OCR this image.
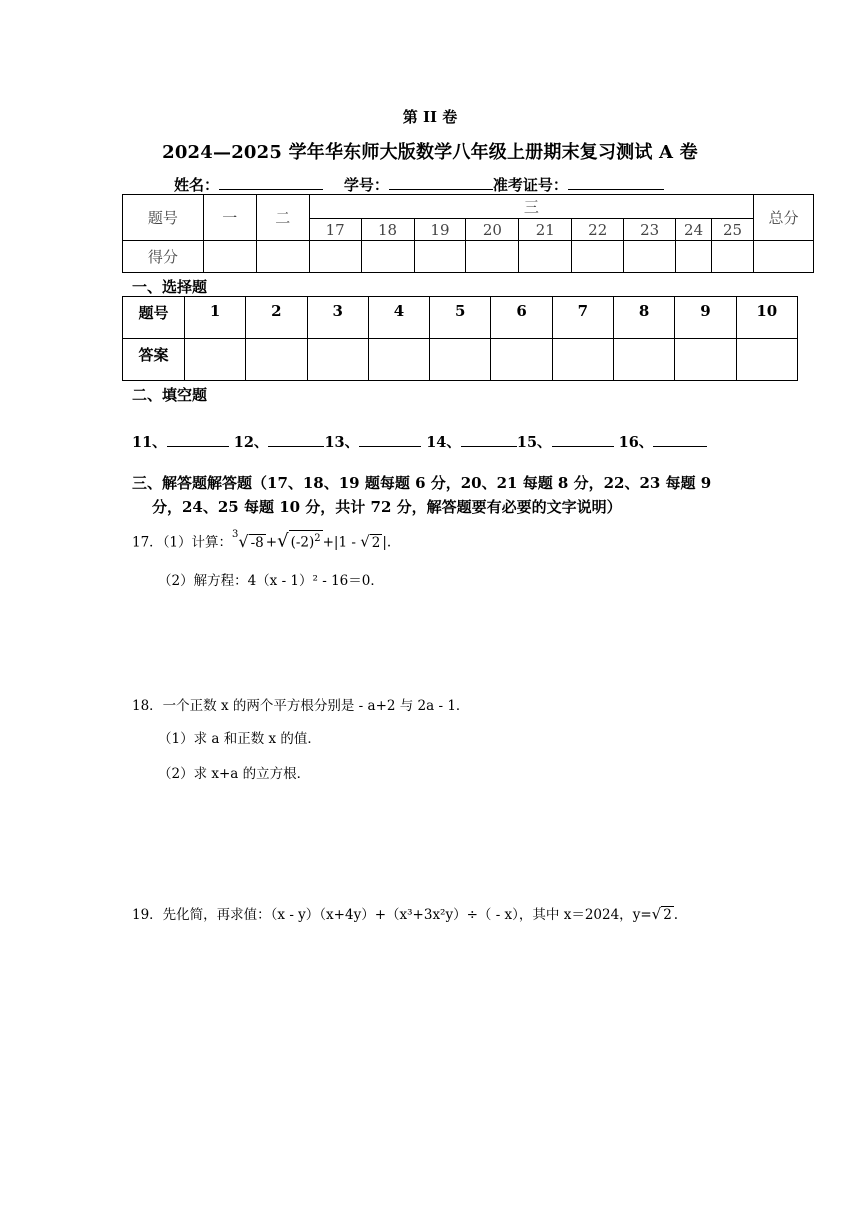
第 II 卷
2024—2025 学年华东师大版数学八年级上册期末复习测试 A 卷
姓名：	学号：	准考证号：
题号	一	二	三									总分
			17	18	19	20	21	22	23	24	25	
得分												
一、选择题
题号	1	2	3	4	5	6	7	8	9	10
答案										
二、填空题
11、	12、	13、	14、	15、	16、
三、解答题解答题（17、18、19 题每题 6 分，20、21 每题 8 分，22、23 每题 9
分，24、25 每题 10 分，共计 72 分，解答题要有必要的文字说明）
17．（1）计算：$^3$√ -8 +√ $(-2)^2 +|1$ - √ 2 |.
（2）解方程：4（x - 1）² - 16＝0．
18．一个正数 x 的两个平方根分别是 - a+2 与 2a - 1．
（1）求 a 和正数 x 的值．
（2）求 x+a 的立方根．
19．先化简，再求值：（x - y）（x+4y）+（x³+3x²y）÷（ - x），其中 x＝2024，y=√ 2 .
